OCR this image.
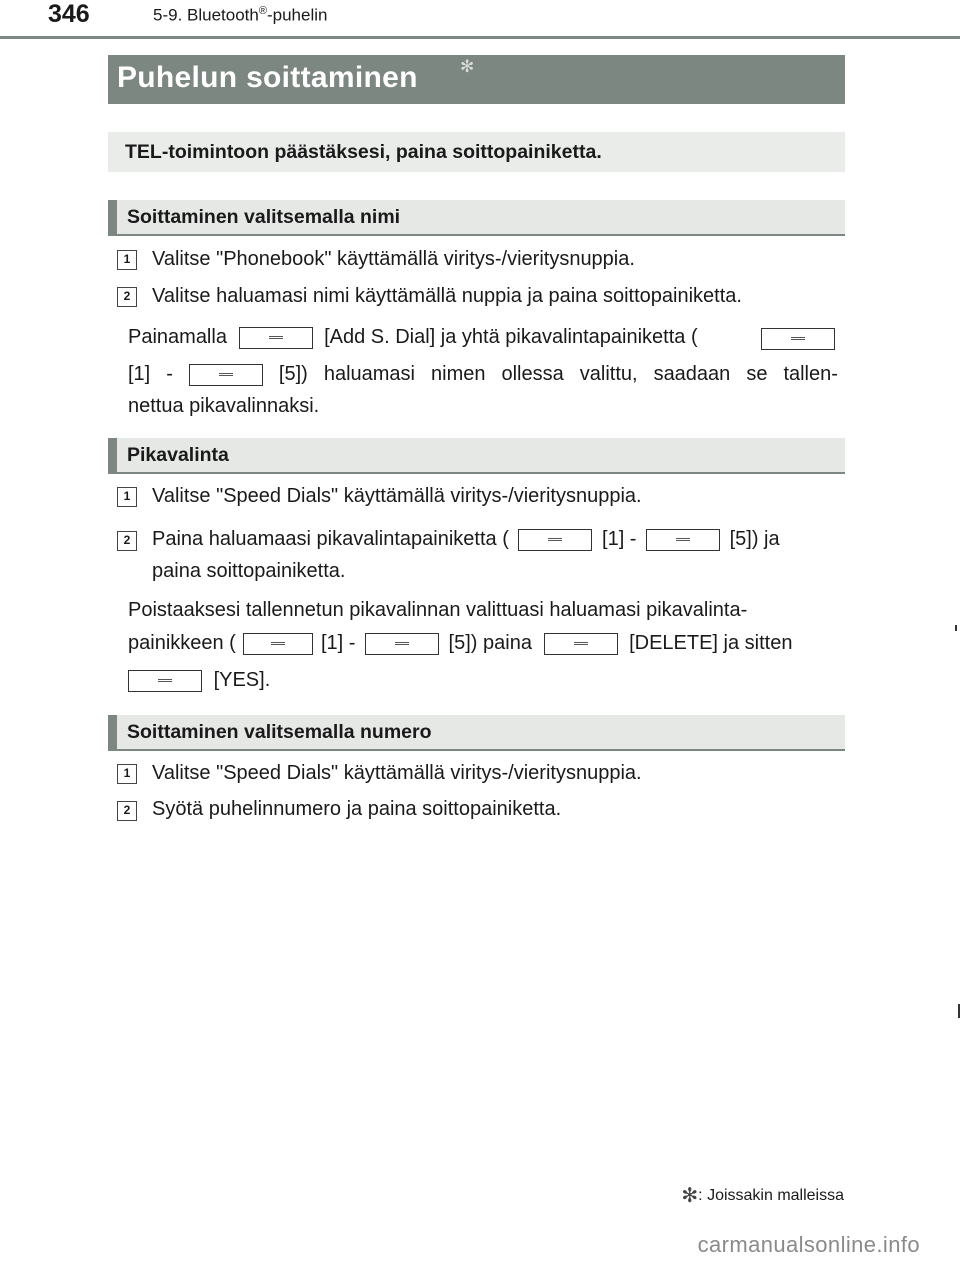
346	5-9. Bluetooth®-puhelin
Puhelun soittaminen ✻
TEL-toimintoon päästäksesi, paina soittopainiketta.
Soittaminen valitsemalla nimi
1	Valitse "Phonebook" käyttämällä viritys-/vieritysnuppia.
2	Valitse haluamasi nimi käyttämällä nuppia ja paina soittopainiketta.
Painamalla	[Add S. Dial] ja yhtä pikavalintapainiketta (
[1] -	[5]) haluamasi nimen ollessa valittu, saadaan se tallen-
nettua pikavalinnaksi.
Pikavalinta
1	Valitse "Speed Dials" käyttämällä viritys-/vieritysnuppia.
2	Paina haluamaasi pikavalintapainiketta (	[1] -	[5]) ja
paina soittopainiketta.
Poistaaksesi tallennetun pikavalinnan valittuasi haluamasi pikavalinta-
painikkeen (	[1] -	[5]) paina	[DELETE] ja sitten
[YES].
Soittaminen valitsemalla numero
1	Valitse "Speed Dials" käyttämällä viritys-/vieritysnuppia.
2	Syötä puhelinnumero ja paina soittopainiketta.
✻: Joissakin malleissa
carmanualsonline.info
